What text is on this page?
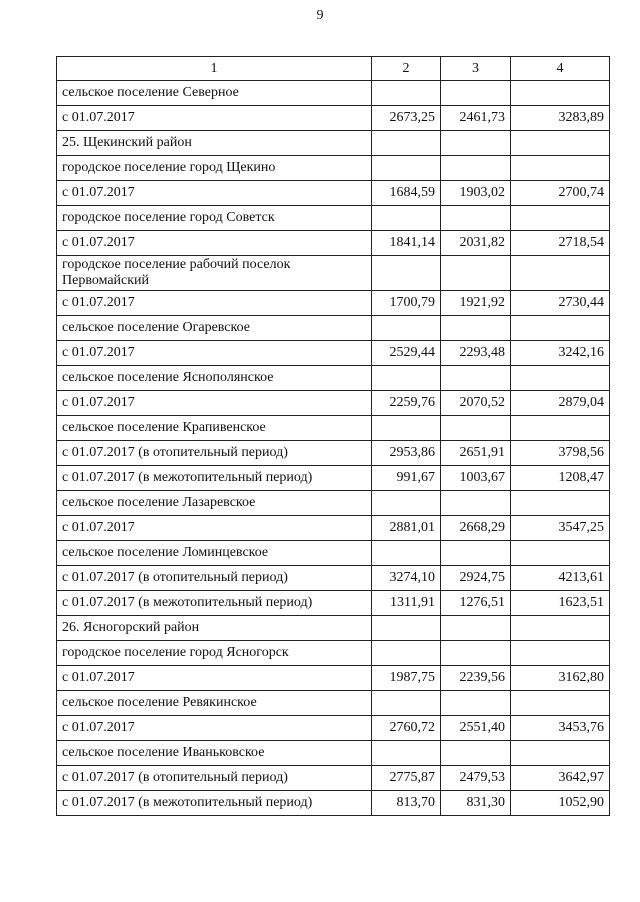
9
1	2	3	4
сельское поселение Северное			
с 01.07.2017	2673,25	2461,73	3283,89
25. Щекинский район			
городское поселение город Щекино			
с 01.07.2017	1684,59	1903,02	2700,74
городское поселение город Советск			
с 01.07.2017	1841,14	2031,82	2718,54
городское поселение рабочий поселок Первомайский			
с 01.07.2017	1700,79	1921,92	2730,44
сельское поселение Огаревское			
с 01.07.2017	2529,44	2293,48	3242,16
сельское поселение Яснополянское			
с 01.07.2017	2259,76	2070,52	2879,04
сельское поселение Крапивенское			
с 01.07.2017 (в отопительный период)	2953,86	2651,91	3798,56
с 01.07.2017 (в межотопительный период)	991,67	1003,67	1208,47
сельское поселение Лазаревское			
с 01.07.2017	2881,01	2668,29	3547,25
сельское поселение Ломинцевское			
с 01.07.2017 (в отопительный период)	3274,10	2924,75	4213,61
с 01.07.2017 (в межотопительный период)	1311,91	1276,51	1623,51
26. Ясногорский район			
городское поселение город Ясногорск			
с 01.07.2017	1987,75	2239,56	3162,80
сельское поселение Ревякинское			
с 01.07.2017	2760,72	2551,40	3453,76
сельское поселение Иваньковское			
с 01.07.2017 (в отопительный период)	2775,87	2479,53	3642,97
с 01.07.2017 (в межотопительный период)	813,70	831,30	1052,90
